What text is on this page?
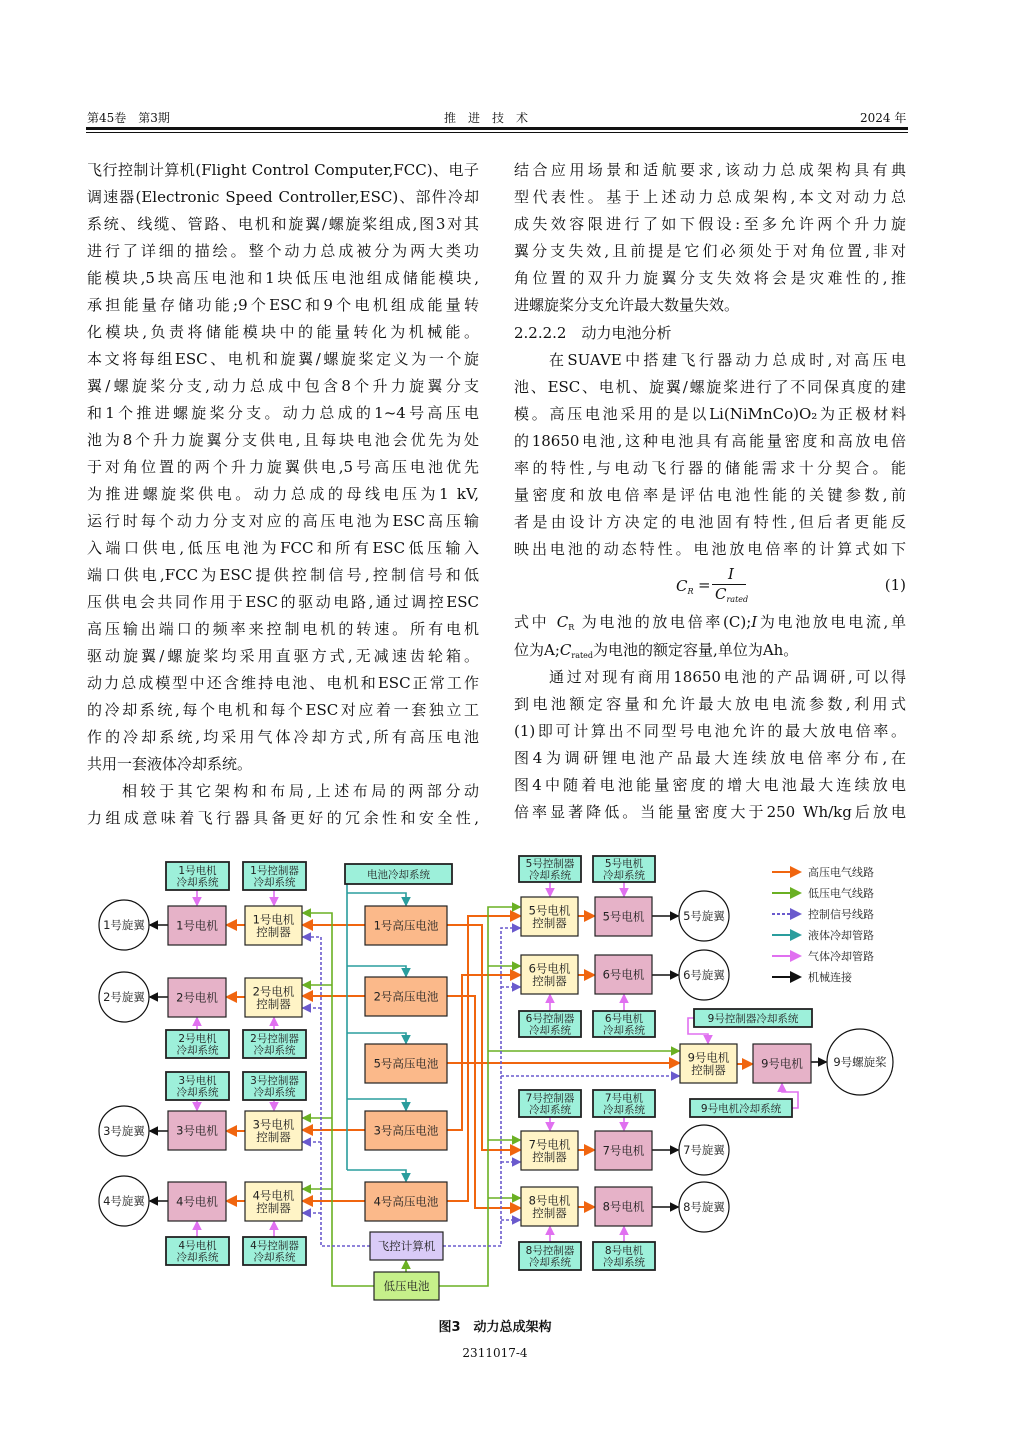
第45卷　第3期	推　进　技　术	2024 年
飞行控制计算机(Flight Control Computer,FCC)、电子
调速器(Electronic Speed Controller,ESC)、部件冷却
系统、线缆、管路、电机和旋翼/螺旋桨组成,图3对其
进行了详细的描绘。整个动力总成被分为两大类功
能模块,5块高压电池和1块低压电池组成储能模块,
承担能量存储功能;9个ESC和9个电机组成能量转
化模块,负责将储能模块中的能量转化为机械能。
本文将每组ESC、电机和旋翼/螺旋桨定义为一个旋
翼/螺旋桨分支,动力总成中包含8个升力旋翼分支
和1个推进螺旋桨分支。动力总成的1~4号高压电
池为8个升力旋翼分支供电,且每块电池会优先为处
于对角位置的两个升力旋翼供电,5号高压电池优先
为推进螺旋桨供电。动力总成的母线电压为1 kV,
运行时每个动力分支对应的高压电池为ESC高压输
入端口供电,低压电池为FCC和所有ESC低压输入
端口供电,FCC为ESC提供控制信号,控制信号和低
压供电会共同作用于ESC的驱动电路,通过调控ESC
高压输出端口的频率来控制电机的转速。所有电机
驱动旋翼/螺旋桨均采用直驱方式,无减速齿轮箱。
动力总成模型中还含维持电池、电机和ESC正常工作
的冷却系统,每个电机和每个ESC对应着一套独立工
作的冷却系统,均采用气体冷却方式,所有高压电池
共用一套液体冷却系统。
相较于其它架构和布局,上述布局的两部分动
力组成意味着飞行器具备更好的冗余性和安全性,
结合应用场景和适航要求,该动力总成架构具有典
型代表性。基于上述动力总成架构,本文对动力总
成失效容限进行了如下假设:至多允许两个升力旋
翼分支失效,且前提是它们必须处于对角位置,非对
角位置的双升力旋翼分支失效将会是灾难性的,推
进螺旋桨分支允许最大数量失效。
2.2.2.2　动力电池分析
在SUAVE中搭建飞行器动力总成时,对高压电
池、ESC、电机、旋翼/螺旋桨进行了不同保真度的建
模。高压电池采用的是以Li(NiMnCo)O₂为正极材料
的18650电池,这种电池具有高能量密度和高放电倍
率的特性,与电动飞行器的储能需求十分契合。能
量密度和放电倍率是评估电池性能的关键参数,前
者是由设计方决定的电池固有特性,但后者更能反
映出电池的动态特性。电池放电倍率的计算式如下
$C_R$ =
I
$C_{rated}$
(1)
式中 $C_R$ 为电池的放电倍率(C);I为电池放电电流,单
位为$A;C_{rated}$为电池的额定容量,单位为Ah。
通过对现有商用18650电池的产品调研,可以得
到电池额定容量和允许最大放电电流参数,利用式
(1)即可计算出不同型号电池允许的最大放电倍率。
图4为调研锂电池产品最大连续放电倍率分布,在
图4中随着电池能量密度的增大电池最大连续放电
倍率显著降低。当能量密度大于250 Wh/kg后放电
1号电机
冷却系统
1号控制器
冷却系统
1号电机	1号电机
控制器
1号旋翼
2号电机	2号电机
控制器
2号旋翼
2号电机
冷却系统
2号控制器
冷却系统
3号电机
冷却系统
3号控制器
冷却系统
3号电机	3号电机
控制器
3号旋翼
4号电机	4号电机
控制器
4号旋翼
4号电机
冷却系统
4号控制器
冷却系统
电池冷却系统
1号高压电池
2号高压电池
5号高压电池
3号高压电池
4号高压电池
飞控计算机
低压电池
5号控制器
冷却系统
5号电机
冷却系统
5号电机
控制器	5号电机	5号旋翼
6号电机
控制器	6号电机	6号旋翼
6号控制器
冷却系统
6号电机
冷却系统
9号控制器冷却系统
9号电机
控制器	9号电机	9号螺旋桨
9号电机冷却系统
7号控制器
冷却系统
7号电机
冷却系统
7号电机
控制器	7号电机	7号旋翼
8号电机
控制器	8号电机	8号旋翼
8号控制器
冷却系统
8号电机
冷却系统
高压电气线路
低压电气线路
控制信号线路
液体冷却管路
气体冷却管路
机械连接
图3　动力总成架构
2311017-4
